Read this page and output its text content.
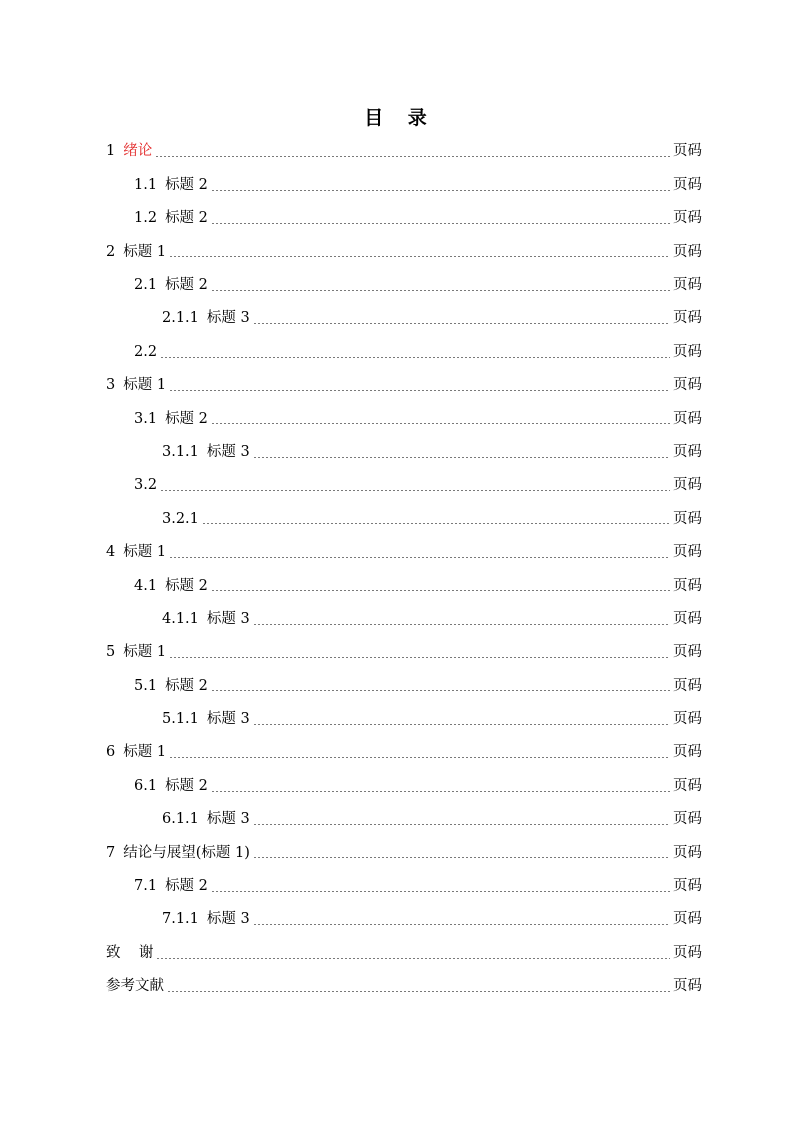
目 录
1 绪论	页码
1.1 标题 2	页码
1.2 标题 2	页码
2 标题 1	页码
2.1 标题 2	页码
2.1.1 标题 3	页码
2.2	页码
3 标题 1	页码
3.1 标题 2	页码
3.1.1 标题 3	页码
3.2	页码
3.2.1	页码
4 标题 1	页码
4.1 标题 2	页码
4.1.1 标题 3	页码
5 标题 1	页码
5.1 标题 2	页码
5.1.1 标题 3	页码
6 标题 1	页码
6.1 标题 2	页码
6.1.1 标题 3	页码
7 结论与展望(标题 1)	页码
7.1 标题 2	页码
7.1.1 标题 3	页码
致    谢	页码
参考文献	页码
